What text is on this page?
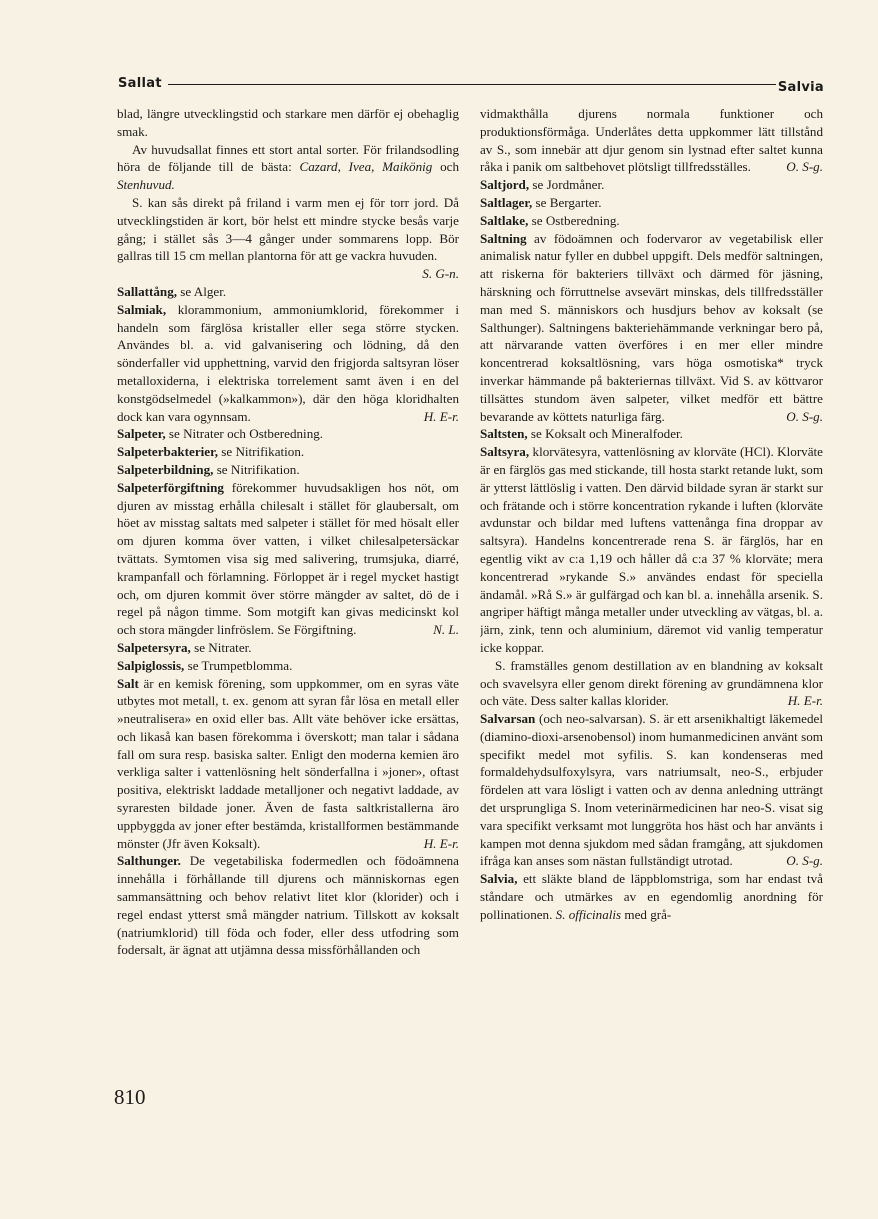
Sallat	Salvia

blad, längre utvecklingstid och starkare men därför ej obehaglig smak.

Av huvudsallat finnes ett stort antal sorter. För frilandsodling höra de följande till de bästa: Cazard, Ivea, Maikönig och Stenhuvud.

S. kan sås direkt på friland i varm men ej för torr jord. Då utvecklingstiden är kort, bör helst ett mindre stycke besås varje gång; i stället sås 3—4 gånger under sommarens lopp. Bör gallras till 15 cm mellan plantorna för att ge vackra huvuden.
S. G-n.

Sallattång, se Alger.

Salmiak, klorammonium, ammoniumklorid, förekommer i handeln som färglösa kristaller eller sega större stycken. Användes bl. a. vid galvanisering och lödning, då den sönderfaller vid upphettning, varvid den frigjorda saltsyran löser metalloxiderna, i elektriska torrelement samt även i en del konstgödselmedel (»kalkammon»), där den höga kloridhalten dock kan vara ogynnsam.	H. E-r.

Salpeter, se Nitrater och Ostberedning.

Salpeterbakterier, se Nitrifikation.

Salpeterbildning, se Nitrifikation.

Salpeterförgiftning förekommer huvudsakligen hos nöt, om djuren av misstag erhålla chilesalt i stället för glaubersalt, om höet av misstag saltats med salpeter i stället för med hösalt eller om djuren komma över vatten, i vilket chilesalpetersäckar tvättats. Symtomen visa sig med salivering, trumsjuka, diarré, krampanfall och förlamning. Förloppet är i regel mycket hastigt och, om djuren kommit över större mängder av saltet, dö de i regel på någon timme. Som motgift kan givas medicinskt kol och stora mängder linfröslem. Se Förgiftning.	N. L.

Salpetersyra, se Nitrater.

Salpiglossis, se Trumpetblomma.

Salt är en kemisk förening, som uppkommer, om en syras väte utbytes mot metall, t. ex. genom att syran får lösa en metall eller »neutralisera» en oxid eller bas. Allt väte behöver icke ersättas, och likaså kan basen förekomma i överskott; man talar i sådana fall om sura resp. basiska salter. Enligt den moderna kemien äro verkliga salter i vattenlösning helt sönderfallna i »joner», oftast positiva, elektriskt laddade metalljoner och negativt laddade, av syraresten bildade joner. Även de fasta saltkristallerna äro uppbyggda av joner efter bestämda, kristallformen bestämmande mönster (Jfr även Koksalt).	H. E-r.

Salthunger. De vegetabiliska fodermedlen och födoämnena innehålla i förhållande till djurens och människornas egen sammansättning och behov relativt litet klor (klorider) och i regel endast ytterst små mängder natrium. Tillskott av koksalt (natriumklorid) till föda och foder, eller dess utfodring som fodersalt, är ägnat att utjämna dessa missförhållanden och

vidmakthålla djurens normala funktioner och produktionsförmåga. Underlåtes detta uppkommer lätt tillstånd av S., som innebär att djur genom sin lystnad efter saltet kunna råka i panik om saltbehovet plötsligt tillfredsställes.	O. S-g.

Saltjord, se Jordmåner.

Saltlager, se Bergarter.

Saltlake, se Ostberedning.

Saltning av födoämnen och fodervaror av vegetabilisk eller animalisk natur fyller en dubbel uppgift. Dels medför saltningen, att riskerna för bakteriers tillväxt och därmed för jäsning, härskning och förruttnelse avsevärt minskas, dels tillfredsställer man med S. människors och husdjurs behov av koksalt (se Salthunger). Saltningens bakteriehämmande verkningar bero på, att närvarande vatten överföres i en mer eller mindre koncentrerad koksaltlösning, vars höga osmotiska* tryck inverkar hämmande på bakteriernas tillväxt. Vid S. av köttvaror tillsättes stundom även salpeter, vilket medför ett bättre bevarande av köttets naturliga färg.	O. S-g.

Saltsten, se Koksalt och Mineralfoder.

Saltsyra, klorvätesyra, vattenlösning av klorväte (HCl). Klorväte är en färglös gas med stickande, till hosta starkt retande lukt, som är ytterst lättlöslig i vatten. Den därvid bildade syran är starkt sur och frätande och i större koncentration rykande i luften (klorväte avdunstar och bildar med luftens vattenånga fina droppar av saltsyra). Handelns koncentrerade rena S. är färglös, har en egentlig vikt av c:a 1,19 och håller då c:a 37 % klorväte; mera koncentrerad »rykande S.» användes endast för speciella ändamål. »Rå S.» är gulfärgad och kan bl. a. innehålla arsenik. S. angriper häftigt många metaller under utveckling av vätgas, bl. a. järn, zink, tenn och aluminium, däremot vid vanlig temperatur icke koppar.

S. framställes genom destillation av en blandning av koksalt och svavelsyra eller genom direkt förening av grundämnena klor och väte. Dess salter kallas klorider.	H. E-r.

Salvarsan (och neo-salvarsan). S. är ett arsenikhaltigt läkemedel (diamino-dioxi-arsenobensol) inom humanmedicinen använt som specifikt medel mot syfilis. S. kan kondenseras med formaldehydsulfoxylsyra, vars natriumsalt, neo-S., erbjuder fördelen att vara lösligt i vatten och av denna anledning utträngt det ursprungliga S. Inom veterinärmedicinen har neo-S. visat sig vara specifikt verksamt mot lunggröta hos häst och har använts i kampen mot denna sjukdom med sådan framgång, att sjukdomen ifråga kan anses som nästan fullständigt utrotad.	O. S-g.

Salvia, ett släkte bland de läppblomstriga, som har endast två ståndare och utmärkes av en egendomlig anordning för pollinationen. S. officinalis med grå-

810
